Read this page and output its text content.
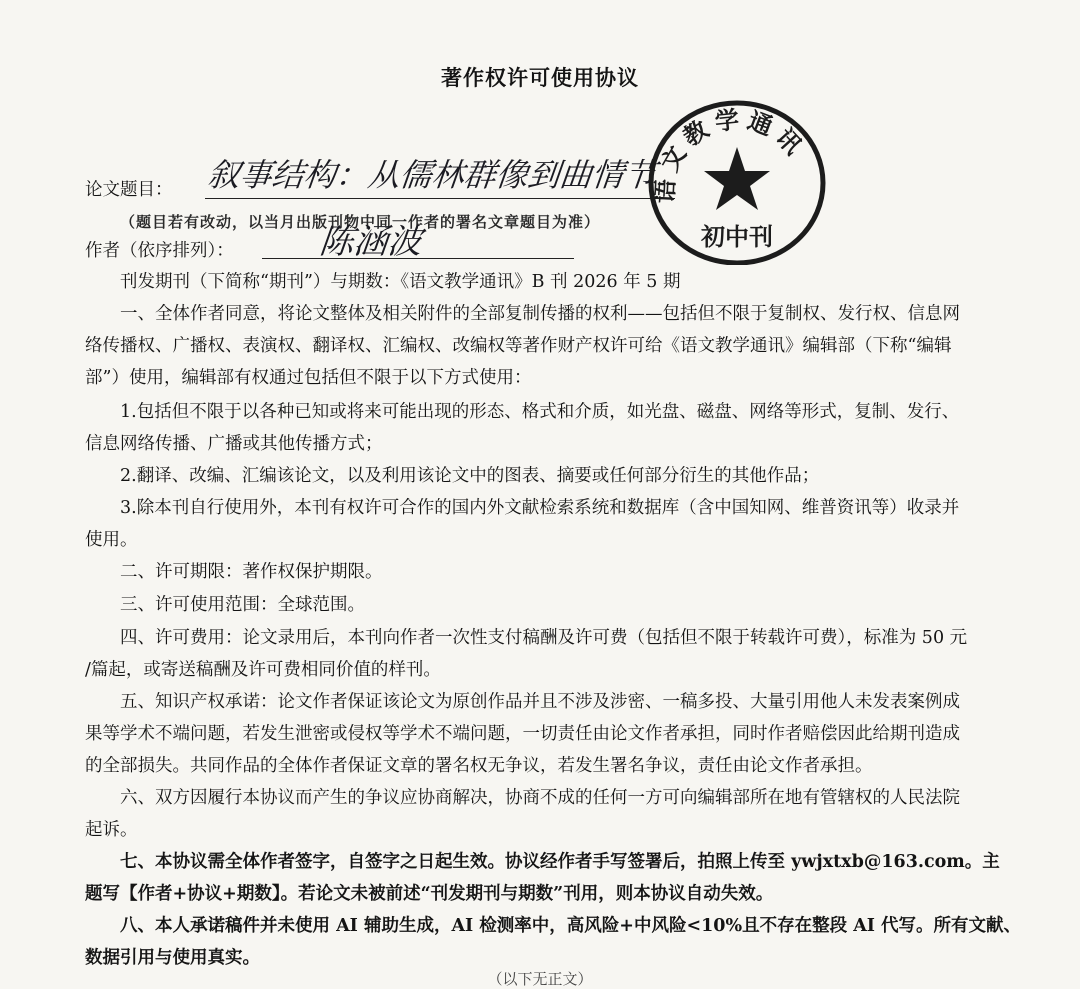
著作权许可使用协议
论文题目：	叙事结构：从儒林群像到曲情节
（题目若有改动，以当月出版刊物中同一作者的署名文章题目为准）
作者（依序排列）：	陈涵波
刊发期刊（下简称“期刊”）与期数：《语文教学通讯》B 刊 2026 年 5 期
一、全体作者同意，将论文整体及相关附件的全部复制传播的权利——包括但不限于复制权、发行权、信息网
络传播权、广播权、表演权、翻译权、汇编权、改编权等著作财产权许可给《语文教学通讯》编辑部（下称“编辑
部”）使用，编辑部有权通过包括但不限于以下方式使用：
1.包括但不限于以各种已知或将来可能出现的形态、格式和介质，如光盘、磁盘、网络等形式，复制、发行、
信息网络传播、广播或其他传播方式；
2.翻译、改编、汇编该论文，以及利用该论文中的图表、摘要或任何部分衍生的其他作品；
3.除本刊自行使用外，本刊有权许可合作的国内外文献检索系统和数据库（含中国知网、维普资讯等）收录并
使用。
二、许可期限：著作权保护期限。
三、许可使用范围：全球范围。
四、许可费用：论文录用后，本刊向作者一次性支付稿酬及许可费（包括但不限于转载许可费），标准为 50 元
/篇起，或寄送稿酬及许可费相同价值的样刊。
五、知识产权承诺：论文作者保证该论文为原创作品并且不涉及涉密、一稿多投、大量引用他人未发表案例成
果等学术不端问题，若发生泄密或侵权等学术不端问题，一切责任由论文作者承担，同时作者赔偿因此给期刊造成
的全部损失。共同作品的全体作者保证文章的署名权无争议，若发生署名争议，责任由论文作者承担。
六、双方因履行本协议而产生的争议应协商解决，协商不成的任何一方可向编辑部所在地有管辖权的人民法院
起诉。
七、本协议需全体作者签字，自签字之日起生效。协议经作者手写签署后，拍照上传至 ywjxtxb@163.com。主
题写【作者+协议+期数】。若论文未被前述“刊发期刊与期数”刊用，则本协议自动失效。
八、本人承诺稿件并未使用 AI 辅助生成，AI 检测率中，高风险+中风险<10%且不存在整段 AI 代写。所有文献、
数据引用与使用真实。
（以下无正文）
语文教学通讯
初中刊
